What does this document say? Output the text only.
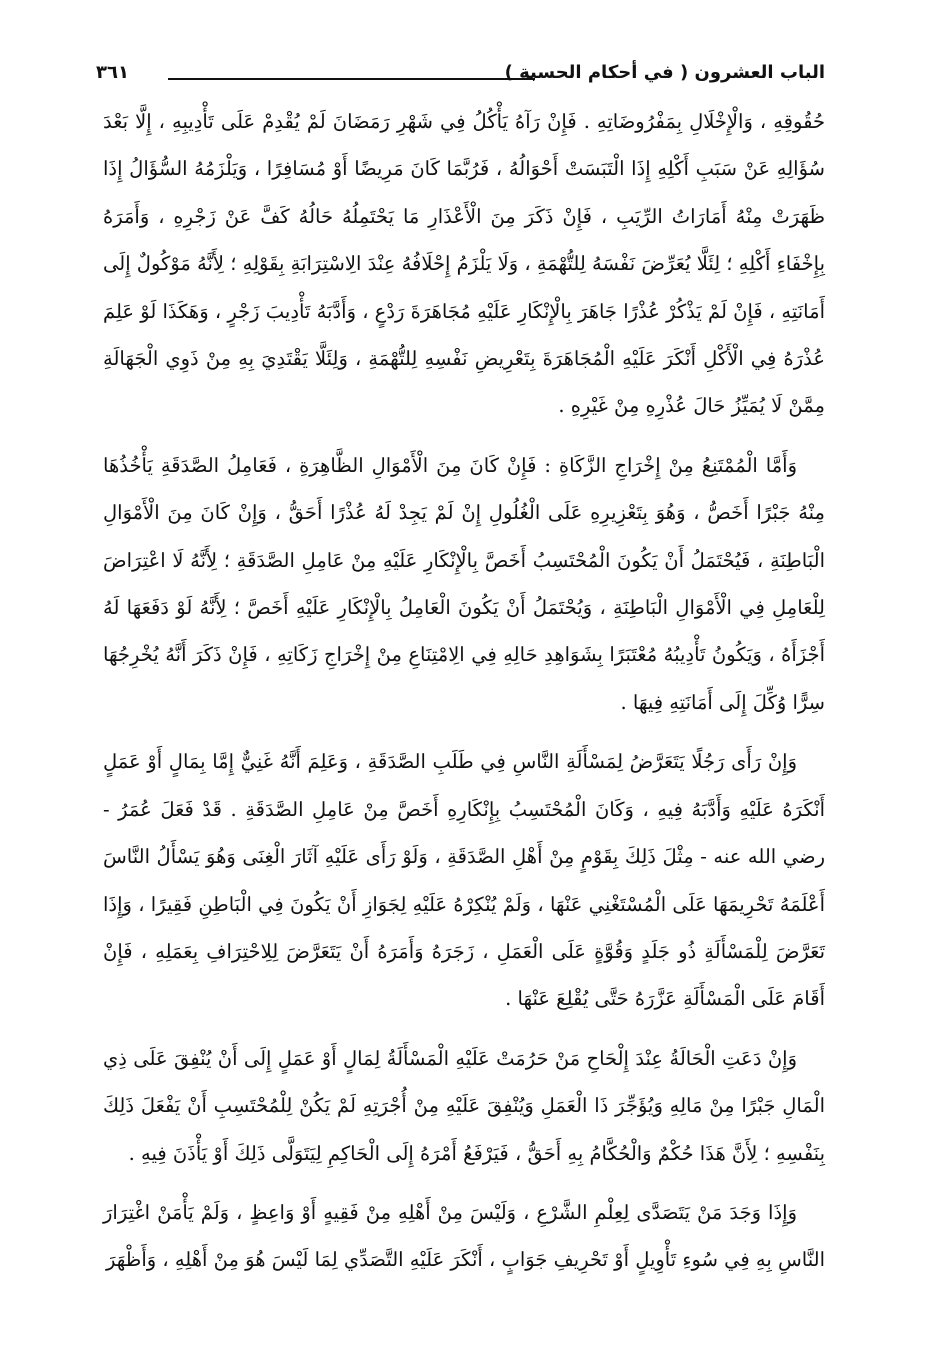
الباب العشرون ( في أحكام الحسبة )
٣٦١

حُقُوقِهِ ، وَالْإِخْلَالِ بِمَفْرُوضَاتِهِ . فَإِنْ رَآهُ يَأْكُلُ فِي شَهْرِ رَمَضَانَ لَمْ يُقْدِمْ عَلَى تَأْدِيبِهِ ، إِلَّا بَعْدَ سُؤَالِهِ عَنْ سَبَبِ أَكْلِهِ إِذَا الْتَبَسَتْ أَحْوَالُهُ ، فَرُبَّمَا كَانَ مَرِيضًا أَوْ مُسَافِرًا ، وَيَلْزَمُهُ السُّؤَالُ إِذَا ظَهَرَتْ مِنْهُ أَمَارَاتُ الرِّيَبِ ، فَإِنْ ذَكَرَ مِنَ الْأَعْذَارِ مَا يَحْتَمِلُهُ حَالُهُ كَفَّ عَنْ زَجْرِهِ ، وَأَمَرَهُ بِإِخْفَاءِ أَكْلِهِ ؛ لِئَلَّا يُعَرِّضَ نَفْسَهُ لِلتُّهْمَةِ ، وَلَا يَلْزَمُ إِحْلَافُهُ عِنْدَ الِاسْتِرَابَةِ بِقَوْلِهِ ؛ لِأَنَّهُ مَوْكُولٌ إِلَى أَمَانَتِهِ ، فَإِنْ لَمْ يَذْكُرْ عُذْرًا جَاهَرَ بِالْإِنْكَارِ عَلَيْهِ مُجَاهَرَةَ رَدْعٍ ، وَأَدَّبَهُ تَأْدِيبَ زَجْرٍ ، وَهَكَذَا لَوْ عَلِمَ عُذْرَهُ فِي الْأَكْلِ أَنْكَرَ عَلَيْهِ الْمُجَاهَرَةَ بِتَعْرِيضِ نَفْسِهِ لِلتُّهْمَةِ ، وَلِئَلَّا يَقْتَدِيَ بِهِ مِنْ ذَوِي الْجَهَالَةِ مِمَّنْ لَا يُمَيِّزُ حَالَ عُذْرِهِ مِنْ غَيْرِهِ .

وَأَمَّا الْمُمْتَنِعُ مِنْ إِخْرَاجِ الزَّكَاةِ : فَإِنْ كَانَ مِنَ الْأَمْوَالِ الظَّاهِرَةِ ، فَعَامِلُ الصَّدَقَةِ يَأْخُذُهَا مِنْهُ جَبْرًا أَخَصُّ ، وَهُوَ بِتَعْزِيرِهِ عَلَى الْغُلُولِ إِنْ لَمْ يَجِدْ لَهُ عُذْرًا أَحَقُّ ، وَإِنْ كَانَ مِنَ الْأَمْوَالِ الْبَاطِنَةِ ، فَيُحْتَمَلُ أَنْ يَكُونَ الْمُحْتَسِبُ أَخَصَّ بِالْإِنْكَارِ عَلَيْهِ مِنْ عَامِلِ الصَّدَقَةِ ؛ لِأَنَّهُ لَا اعْتِرَاضَ لِلْعَامِلِ فِي الْأَمْوَالِ الْبَاطِنَةِ ، وَيُحْتَمَلُ أَنْ يَكُونَ الْعَامِلُ بِالْإِنْكَارِ عَلَيْهِ أَخَصَّ ؛ لِأَنَّهُ لَوْ دَفَعَهَا لَهُ أَجْزَأَهُ ، وَيَكُونُ تَأْدِيبُهُ مُعْتَبَرًا بِشَوَاهِدِ حَالِهِ فِي الِامْتِنَاعِ مِنْ إِخْرَاجِ زَكَاتِهِ ، فَإِنْ ذَكَرَ أَنَّهُ يُخْرِجُهَا سِرًّا وُكِّلَ إِلَى أَمَانَتِهِ فِيهَا .

وَإِنْ رَأَى رَجُلًا يَتَعَرَّضُ لِمَسْأَلَةِ النَّاسِ فِي طَلَبِ الصَّدَقَةِ ، وَعَلِمَ أَنَّهُ غَنِيٌّ إِمَّا بِمَالٍ أَوْ عَمَلٍ أَنْكَرَهُ عَلَيْهِ وَأَدَّبَهُ فِيهِ ، وَكَانَ الْمُحْتَسِبُ بِإِنْكَارِهِ أَخَصَّ مِنْ عَامِلِ الصَّدَقَةِ . قَدْ فَعَلَ عُمَرُ - رضي الله عنه - مِثْلَ ذَلِكَ بِقَوْمٍ مِنْ أَهْلِ الصَّدَقَةِ ، وَلَوْ رَأَى عَلَيْهِ آثَارَ الْغِنَى وَهُوَ يَسْأَلُ النَّاسَ أَعْلَمَهُ تَحْرِيمَهَا عَلَى الْمُسْتَغْنِي عَنْهَا ، وَلَمْ يُنْكِرْهُ عَلَيْهِ لِجَوَازِ أَنْ يَكُونَ فِي الْبَاطِنِ فَقِيرًا ، وَإِذَا تَعَرَّضَ لِلْمَسْأَلَةِ ذُو جَلَدٍ وَقُوَّةٍ عَلَى الْعَمَلِ ، زَجَرَهُ وَأَمَرَهُ أَنْ يَتَعَرَّضَ لِلِاحْتِرَافِ بِعَمَلِهِ ، فَإِنْ أَقَامَ عَلَى الْمَسْأَلَةِ عَزَّرَهُ حَتَّى يُقْلِعَ عَنْهَا .

وَإِنْ دَعَتِ الْحَالَةُ عِنْدَ إِلْحَاحِ مَنْ حَرُمَتْ عَلَيْهِ الْمَسْأَلَةُ لِمَالٍ أَوْ عَمَلٍ إِلَى أَنْ يُنْفِقَ عَلَى ذِي الْمَالِ جَبْرًا مِنْ مَالِهِ وَيُؤَجِّرَ ذَا الْعَمَلِ وَيُنْفِقَ عَلَيْهِ مِنْ أُجْرَتِهِ لَمْ يَكُنْ لِلْمُحْتَسِبِ أَنْ يَفْعَلَ ذَلِكَ بِنَفْسِهِ ؛ لِأَنَّ هَذَا حُكْمٌ وَالْحُكَّامُ بِهِ أَحَقُّ ، فَيَرْفَعُ أَمْرَهُ إِلَى الْحَاكِمِ لِيَتَوَلَّى ذَلِكَ أَوْ يَأْذَنَ فِيهِ .

وَإِذَا وَجَدَ مَنْ يَتَصَدَّى لِعِلْمِ الشَّرْعِ ، وَلَيْسَ مِنْ أَهْلِهِ مِنْ فَقِيهٍ أَوْ وَاعِظٍ ، وَلَمْ يَأْمَنْ اغْتِرَارَ النَّاسِ بِهِ فِي سُوءِ تَأْوِيلٍ أَوْ تَحْرِيفِ جَوَابٍ ، أَنْكَرَ عَلَيْهِ التَّصَدِّي لِمَا لَيْسَ هُوَ مِنْ أَهْلِهِ ، وَأَظْهَرَ
